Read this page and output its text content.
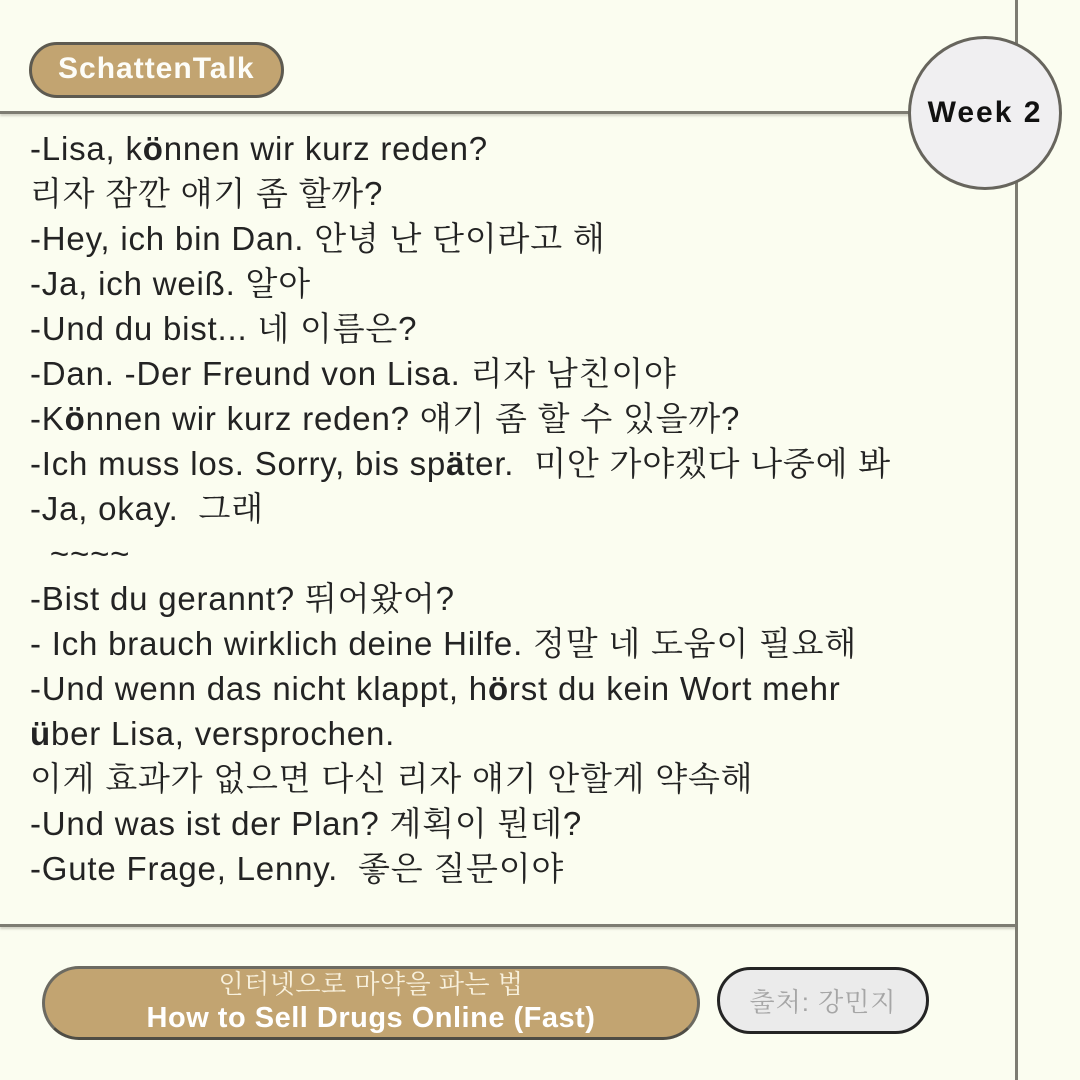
SchattenTalk
Week 2
-Lisa, können wir kurz reden?
리자 잠깐 얘기 좀 할까?
-Hey, ich bin Dan. 안녕 난 단이라고 해
-Ja, ich weiß. 알아
-Und du bist... 네 이름은?
-Dan. -Der Freund von Lisa. 리자 남친이야
-Können wir kurz reden? 얘기 좀 할 수 있을까?
-Ich muss los. Sorry, bis später.  미안 가야겠다 나중에 봐
-Ja, okay.  그래
~~~~
-Bist du gerannt? 뛰어왔어?
- Ich brauch wirklich deine Hilfe. 정말 네 도움이 필요해
-Und wenn das nicht klappt, hörst du kein Wort mehr
über Lisa, versprochen.
이게 효과가 없으면 다신 리자 얘기 안할게 약속해
-Und was ist der Plan? 계획이 뭔데?
-Gute Frage, Lenny.  좋은 질문이야
인터넷으로 마약을 파는 법
How to Sell Drugs Online (Fast)
출처: 강민지
